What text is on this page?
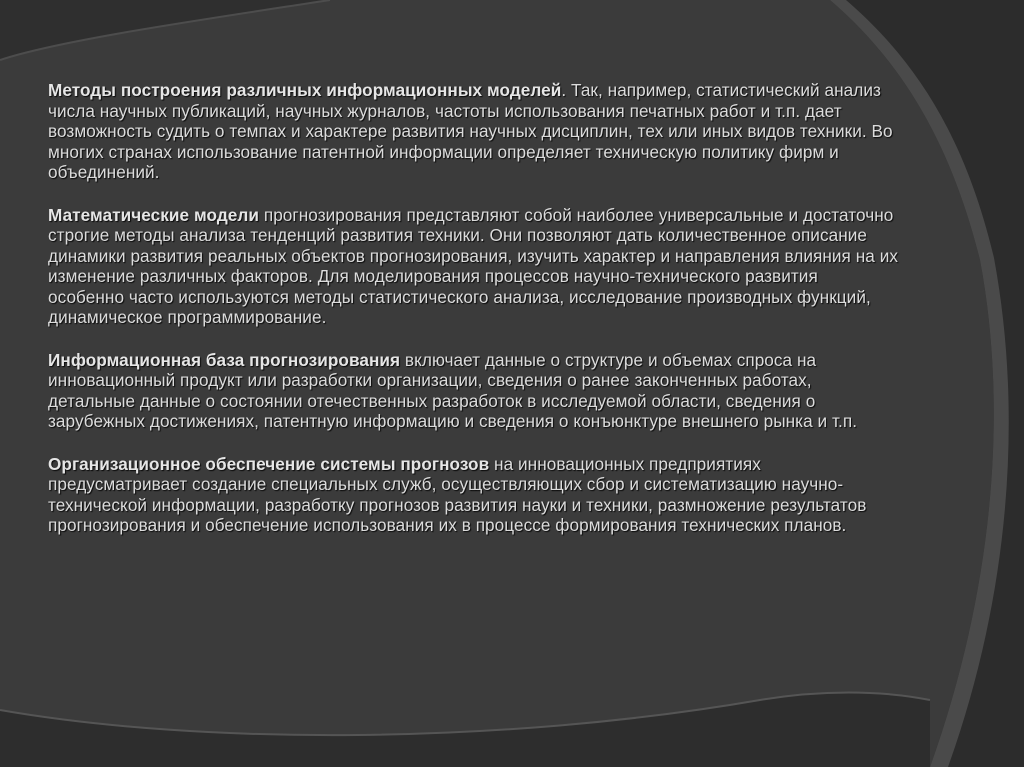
Методы построения различных информационных моделей. Так, например, статистический анализ числа научных публикаций, научных журналов, частоты использования печатных работ и т.п. дает возможность судить о темпах и характере развития научных дисциплин, тех или иных видов техники. Во многих странах использование патентной информации определяет техническую политику фирм и объединений.

Математические модели прогнозирования представляют собой наиболее универсальные и достаточно строгие методы анализа тенденций развития техники. Они позволяют дать количественное описание динамики развития реальных объектов прогнозирования, изучить характер и направления влияния на их изменение различных факторов. Для моделирования процессов научно-технического развития особенно часто используются методы статистического анализа, исследование производных функций, динамическое программирование.

Информационная база прогнозирования включает данные о структуре и объемах спроса на инновационный продукт или разработки организации, сведения о ранее законченных работах, детальные данные о состоянии отечественных разработок в исследуемой области, сведения о зарубежных достижениях, патентную информацию и сведения о конъюнктуре внешнего рынка и т.п.

Организационное обеспечение системы прогнозов на инновационных предприятиях предусматривает создание специальных служб, осуществляющих сбор и систематизацию научно-технической информации, разработку прогнозов развития науки и техники, размножение результатов прогнозирования и обеспечение использования их в процессе формирования технических планов.
